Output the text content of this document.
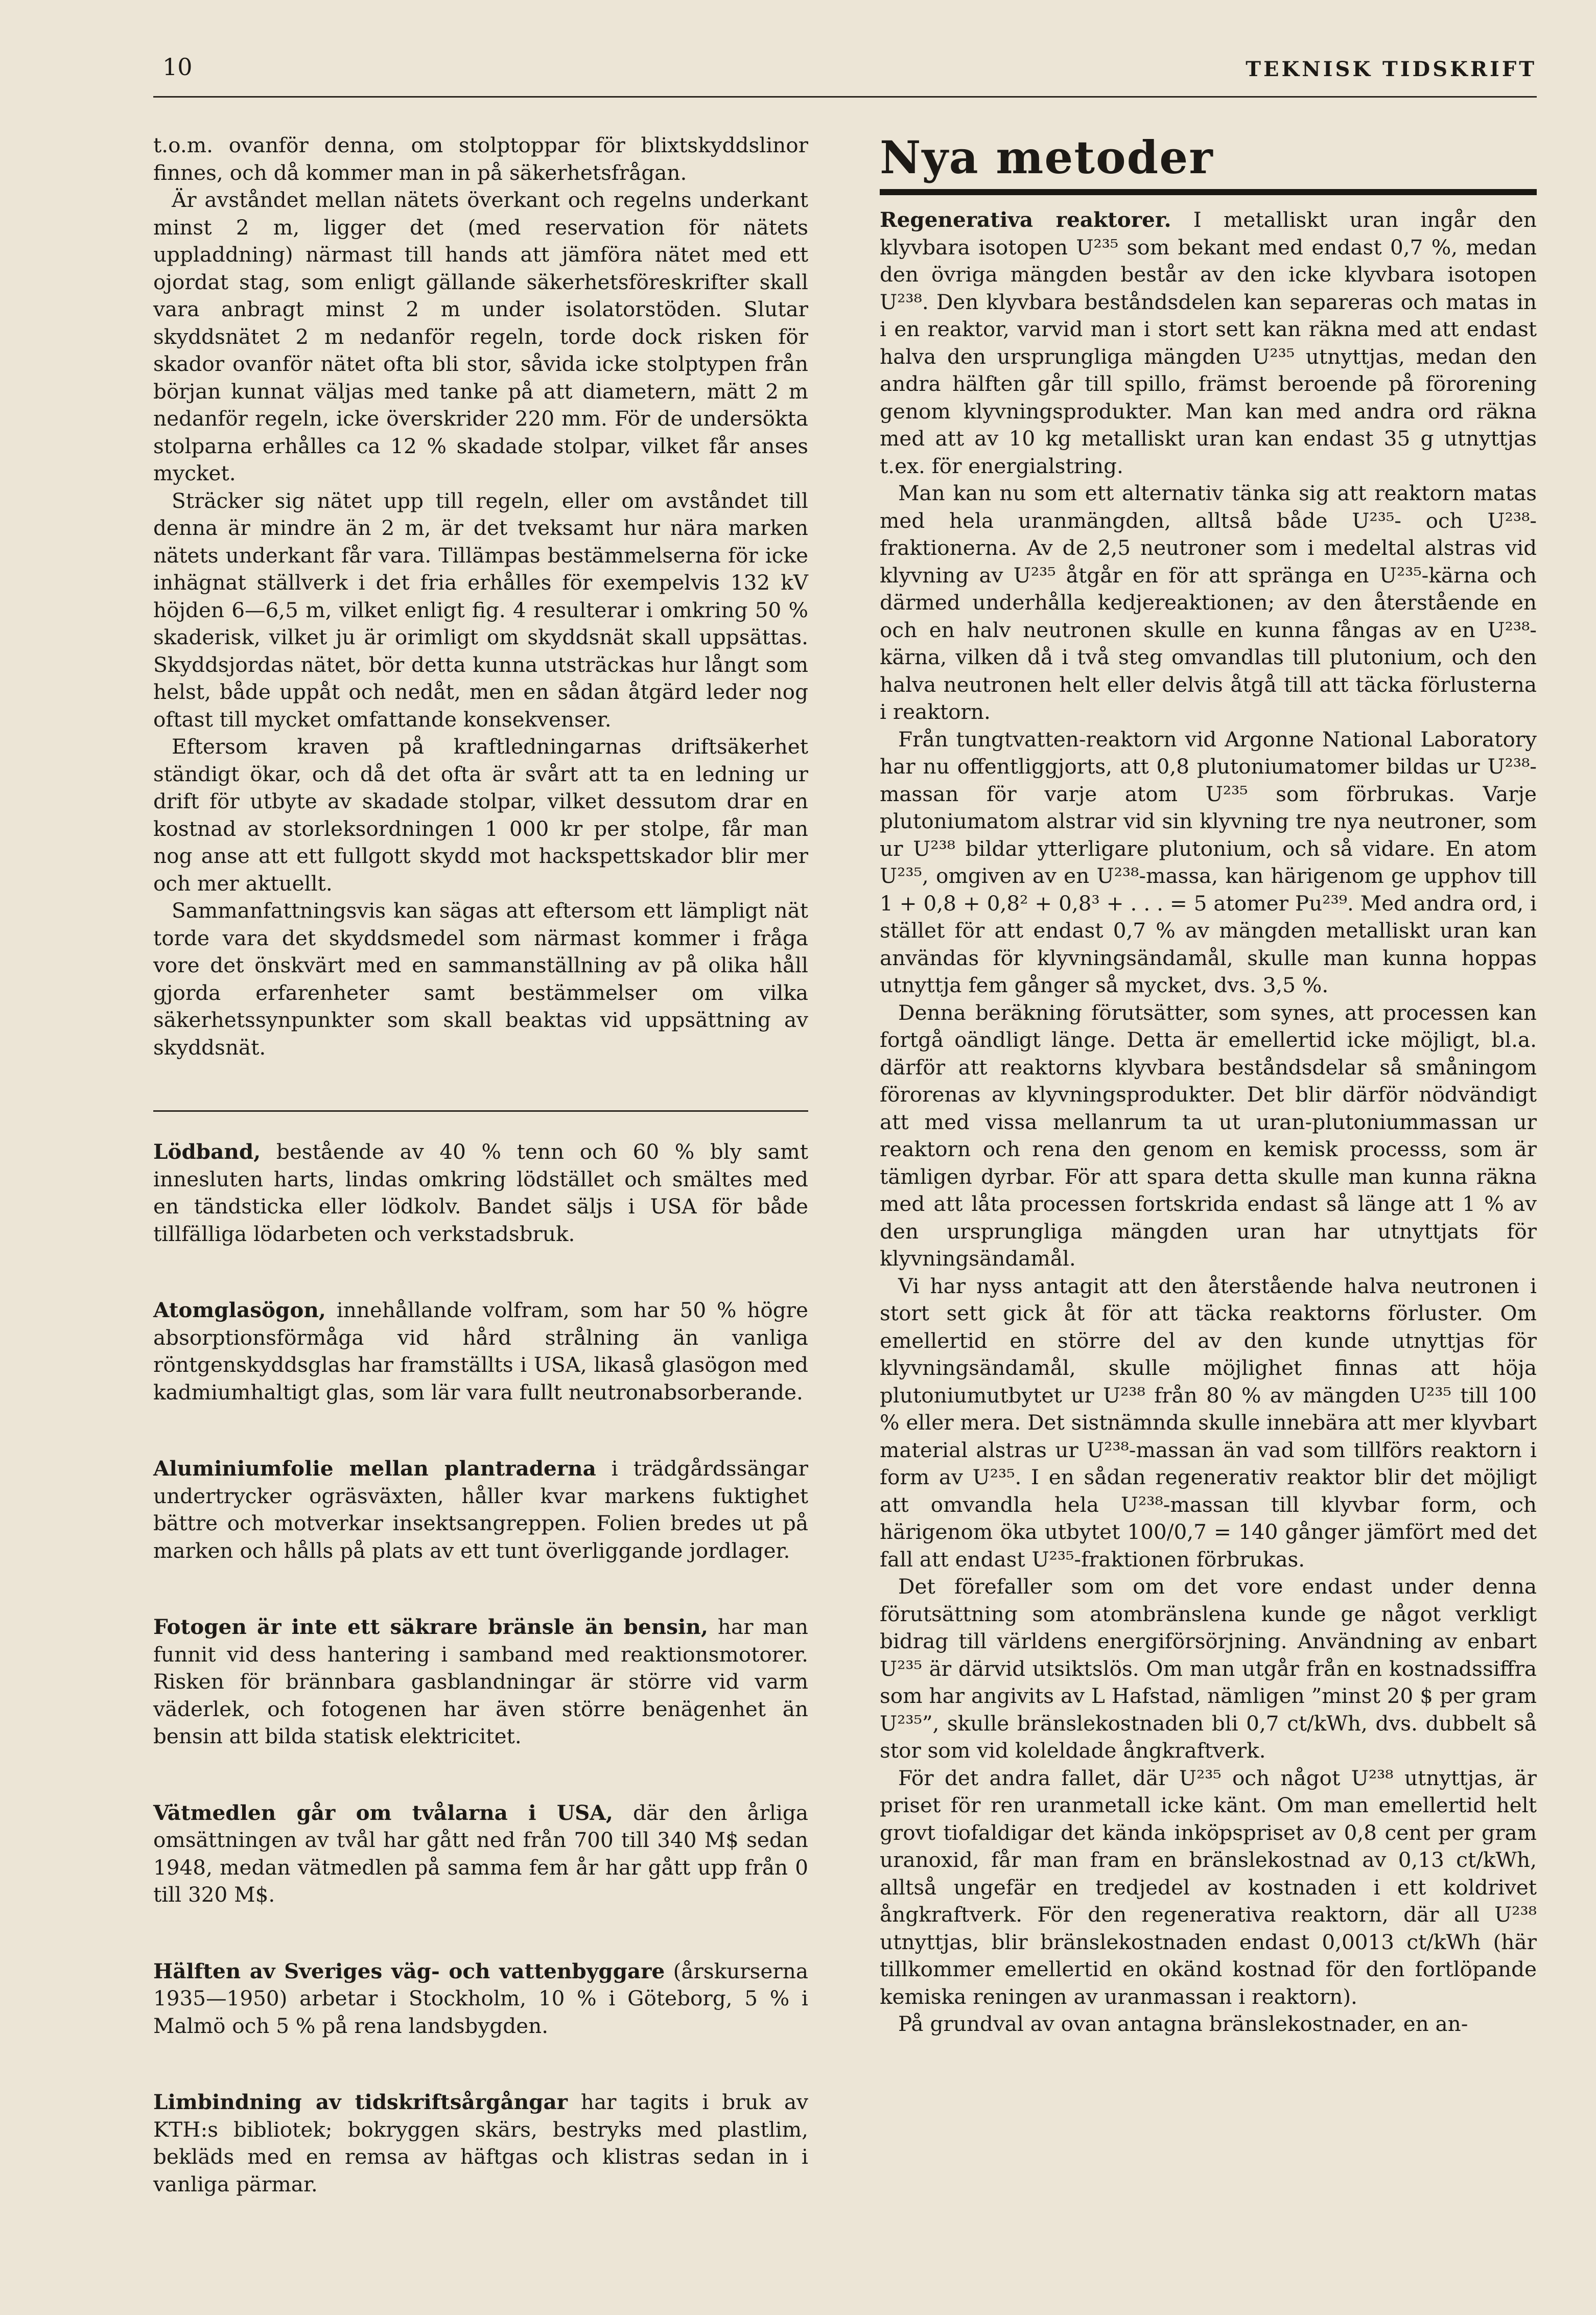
10	TEKNISK TIDSKRIFT

t.o.m. ovanför denna, om stolptoppar för blixtskyddslinor finnes, och då kommer man in på säkerhetsfrågan.

Är avståndet mellan nätets överkant och regelns underkant minst 2 m, ligger det (med reservation för nätets uppladdning) närmast till hands att jämföra nätet med ett ojordat stag, som enligt gällande säkerhetsföreskrifter skall vara anbragt minst 2 m under isolatorstöden. Slutar skyddsnätet 2 m nedanför regeln, torde dock risken för skador ovanför nätet ofta bli stor, såvida icke stolptypen från början kunnat väljas med tanke på att diametern, mätt 2 m nedanför regeln, icke överskrider 220 mm. För de undersökta stolparna erhålles ca 12 % skadade stolpar, vilket får anses mycket.

Sträcker sig nätet upp till regeln, eller om avståndet till denna är mindre än 2 m, är det tveksamt hur nära marken nätets underkant får vara. Tillämpas bestämmelserna för icke inhägnat ställverk i det fria erhålles för exempelvis 132 kV höjden 6—6,5 m, vilket enligt fig. 4 resulterar i omkring 50 % skaderisk, vilket ju är orimligt om skyddsnät skall uppsättas. Skyddsjordas nätet, bör detta kunna utsträckas hur långt som helst, både uppåt och nedåt, men en sådan åtgärd leder nog oftast till mycket omfattande konsekvenser.

Eftersom kraven på kraftledningarnas driftsäkerhet ständigt ökar, och då det ofta är svårt att ta en ledning ur drift för utbyte av skadade stolpar, vilket dessutom drar en kostnad av storleksordningen 1 000 kr per stolpe, får man nog anse att ett fullgott skydd mot hackspettskador blir mer och mer aktuellt.

Sammanfattningsvis kan sägas att eftersom ett lämpligt nät torde vara det skyddsmedel som närmast kommer i fråga vore det önskvärt med en sammanställning av på olika håll gjorda erfarenheter samt bestämmelser om vilka säkerhetssynpunkter som skall beaktas vid uppsättning av skyddsnät.

Lödband, bestående av 40 % tenn och 60 % bly samt innesluten harts, lindas omkring lödstället och smältes med en tändsticka eller lödkolv. Bandet säljs i USA för både tillfälliga lödarbeten och verkstadsbruk.

Atomglasögon, innehållande volfram, som har 50 % högre absorptionsförmåga vid hård strålning än vanliga röntgenskyddsglas har framställts i USA, likaså glasögon med kadmiumhaltigt glas, som lär vara fullt neutronabsorberande.

Aluminiumfolie mellan plantraderna i trädgårdssängar undertrycker ogräsväxten, håller kvar markens fuktighet bättre och motverkar insektsangreppen. Folien bredes ut på marken och hålls på plats av ett tunt överliggande jordlager.

Fotogen är inte ett säkrare bränsle än bensin, har man funnit vid dess hantering i samband med reaktionsmotorer. Risken för brännbara gasblandningar är större vid varm väderlek, och fotogenen har även större benägenhet än bensin att bilda statisk elektricitet.

Vätmedlen går om tvålarna i USA, där den årliga omsättningen av tvål har gått ned från 700 till 340 M$ sedan 1948, medan vätmedlen på samma fem år har gått upp från 0 till 320 M$.

Hälften av Sveriges väg- och vattenbyggare (årskurserna 1935—1950) arbetar i Stockholm, 10 % i Göteborg, 5 % i Malmö och 5 % på rena landsbygden.

Limbindning av tidskriftsårgångar har tagits i bruk av KTH:s bibliotek; bokryggen skärs, bestryks med plastlim, bekläds med en remsa av häftgas och klistras sedan in i vanliga pärmar.

Nya metoder

Regenerativa reaktorer. I metalliskt uran ingår den klyvbara isotopen U²³⁵ som bekant med endast 0,7 %, medan den övriga mängden består av den icke klyvbara isotopen U²³⁸. Den klyvbara beståndsdelen kan separeras och matas in i en reaktor, varvid man i stort sett kan räkna med att endast halva den ursprungliga mängden U²³⁵ utnyttjas, medan den andra hälften går till spillo, främst beroende på förorening genom klyvningsprodukter. Man kan med andra ord räkna med att av 10 kg metalliskt uran kan endast 35 g utnyttjas t.ex. för energialstring.

Man kan nu som ett alternativ tänka sig att reaktorn matas med hela uranmängden, alltså både U²³⁵- och U²³⁸-fraktionerna. Av de 2,5 neutroner som i medeltal alstras vid klyvning av U²³⁵ åtgår en för att spränga en U²³⁵-kärna och därmed underhålla kedjereaktionen; av den återstående en och en halv neutronen skulle en kunna fångas av en U²³⁸-kärna, vilken då i två steg omvandlas till plutonium, och den halva neutronen helt eller delvis åtgå till att täcka förlusterna i reaktorn.

Från tungtvatten-reaktorn vid Argonne National Laboratory har nu offentliggjorts, att 0,8 plutoniumatomer bildas ur U²³⁸-massan för varje atom U²³⁵ som förbrukas. Varje plutoniumatom alstrar vid sin klyvning tre nya neutroner, som ur U²³⁸ bildar ytterligare plutonium, och så vidare. En atom U²³⁵, omgiven av en U²³⁸-massa, kan härigenom ge upphov till 1 + 0,8 + 0,8² + 0,8³ + . . . = 5 atomer Pu²³⁹. Med andra ord, i stället för att endast 0,7 % av mängden metalliskt uran kan användas för klyvningsändamål, skulle man kunna hoppas utnyttja fem gånger så mycket, dvs. 3,5 %.

Denna beräkning förutsätter, som synes, att processen kan fortgå oändligt länge. Detta är emellertid icke möjligt, bl.a. därför att reaktorns klyvbara beståndsdelar så småningom förorenas av klyvningsprodukter. Det blir därför nödvändigt att med vissa mellanrum ta ut uran-plutoniummassan ur reaktorn och rena den genom en kemisk processs, som är tämligen dyrbar. För att spara detta skulle man kunna räkna med att låta processen fortskrida endast så länge att 1 % av den ursprungliga mängden uran har utnyttjats för klyvningsändamål.

Vi har nyss antagit att den återstående halva neutronen i stort sett gick åt för att täcka reaktorns förluster. Om emellertid en större del av den kunde utnyttjas för klyvningsändamål, skulle möjlighet finnas att höja plutoniumutbytet ur U²³⁸ från 80 % av mängden U²³⁵ till 100 % eller mera. Det sistnämnda skulle innebära att mer klyvbart material alstras ur U²³⁸-massan än vad som tillförs reaktorn i form av U²³⁵. I en sådan regenerativ reaktor blir det möjligt att omvandla hela U²³⁸-massan till klyvbar form, och härigenom öka utbytet 100/0,7 = 140 gånger jämfört med det fall att endast U²³⁵-fraktionen förbrukas.

Det förefaller som om det vore endast under denna förutsättning som atombränslena kunde ge något verkligt bidrag till världens energiförsörjning. Användning av enbart U²³⁵ är därvid utsiktslös. Om man utgår från en kostnadssiffra som har angivits av L Hafstad, nämligen ”minst 20 $ per gram U²³⁵”, skulle bränslekostnaden bli 0,7 ct/kWh, dvs. dubbelt så stor som vid koleldade ångkraftverk.

För det andra fallet, där U²³⁵ och något U²³⁸ utnyttjas, är priset för ren uranmetall icke känt. Om man emellertid helt grovt tiofaldigar det kända inköpspriset av 0,8 cent per gram uranoxid, får man fram en bränslekostnad av 0,13 ct/kWh, alltså ungefär en tredjedel av kostnaden i ett koldrivet ångkraftverk. För den regenerativa reaktorn, där all U²³⁸ utnyttjas, blir bränslekostnaden endast 0,0013 ct/kWh (här tillkommer emellertid en okänd kostnad för den fortlöpande kemiska reningen av uranmassan i reaktorn).

På grundval av ovan antagna bränslekostnader, en an-
